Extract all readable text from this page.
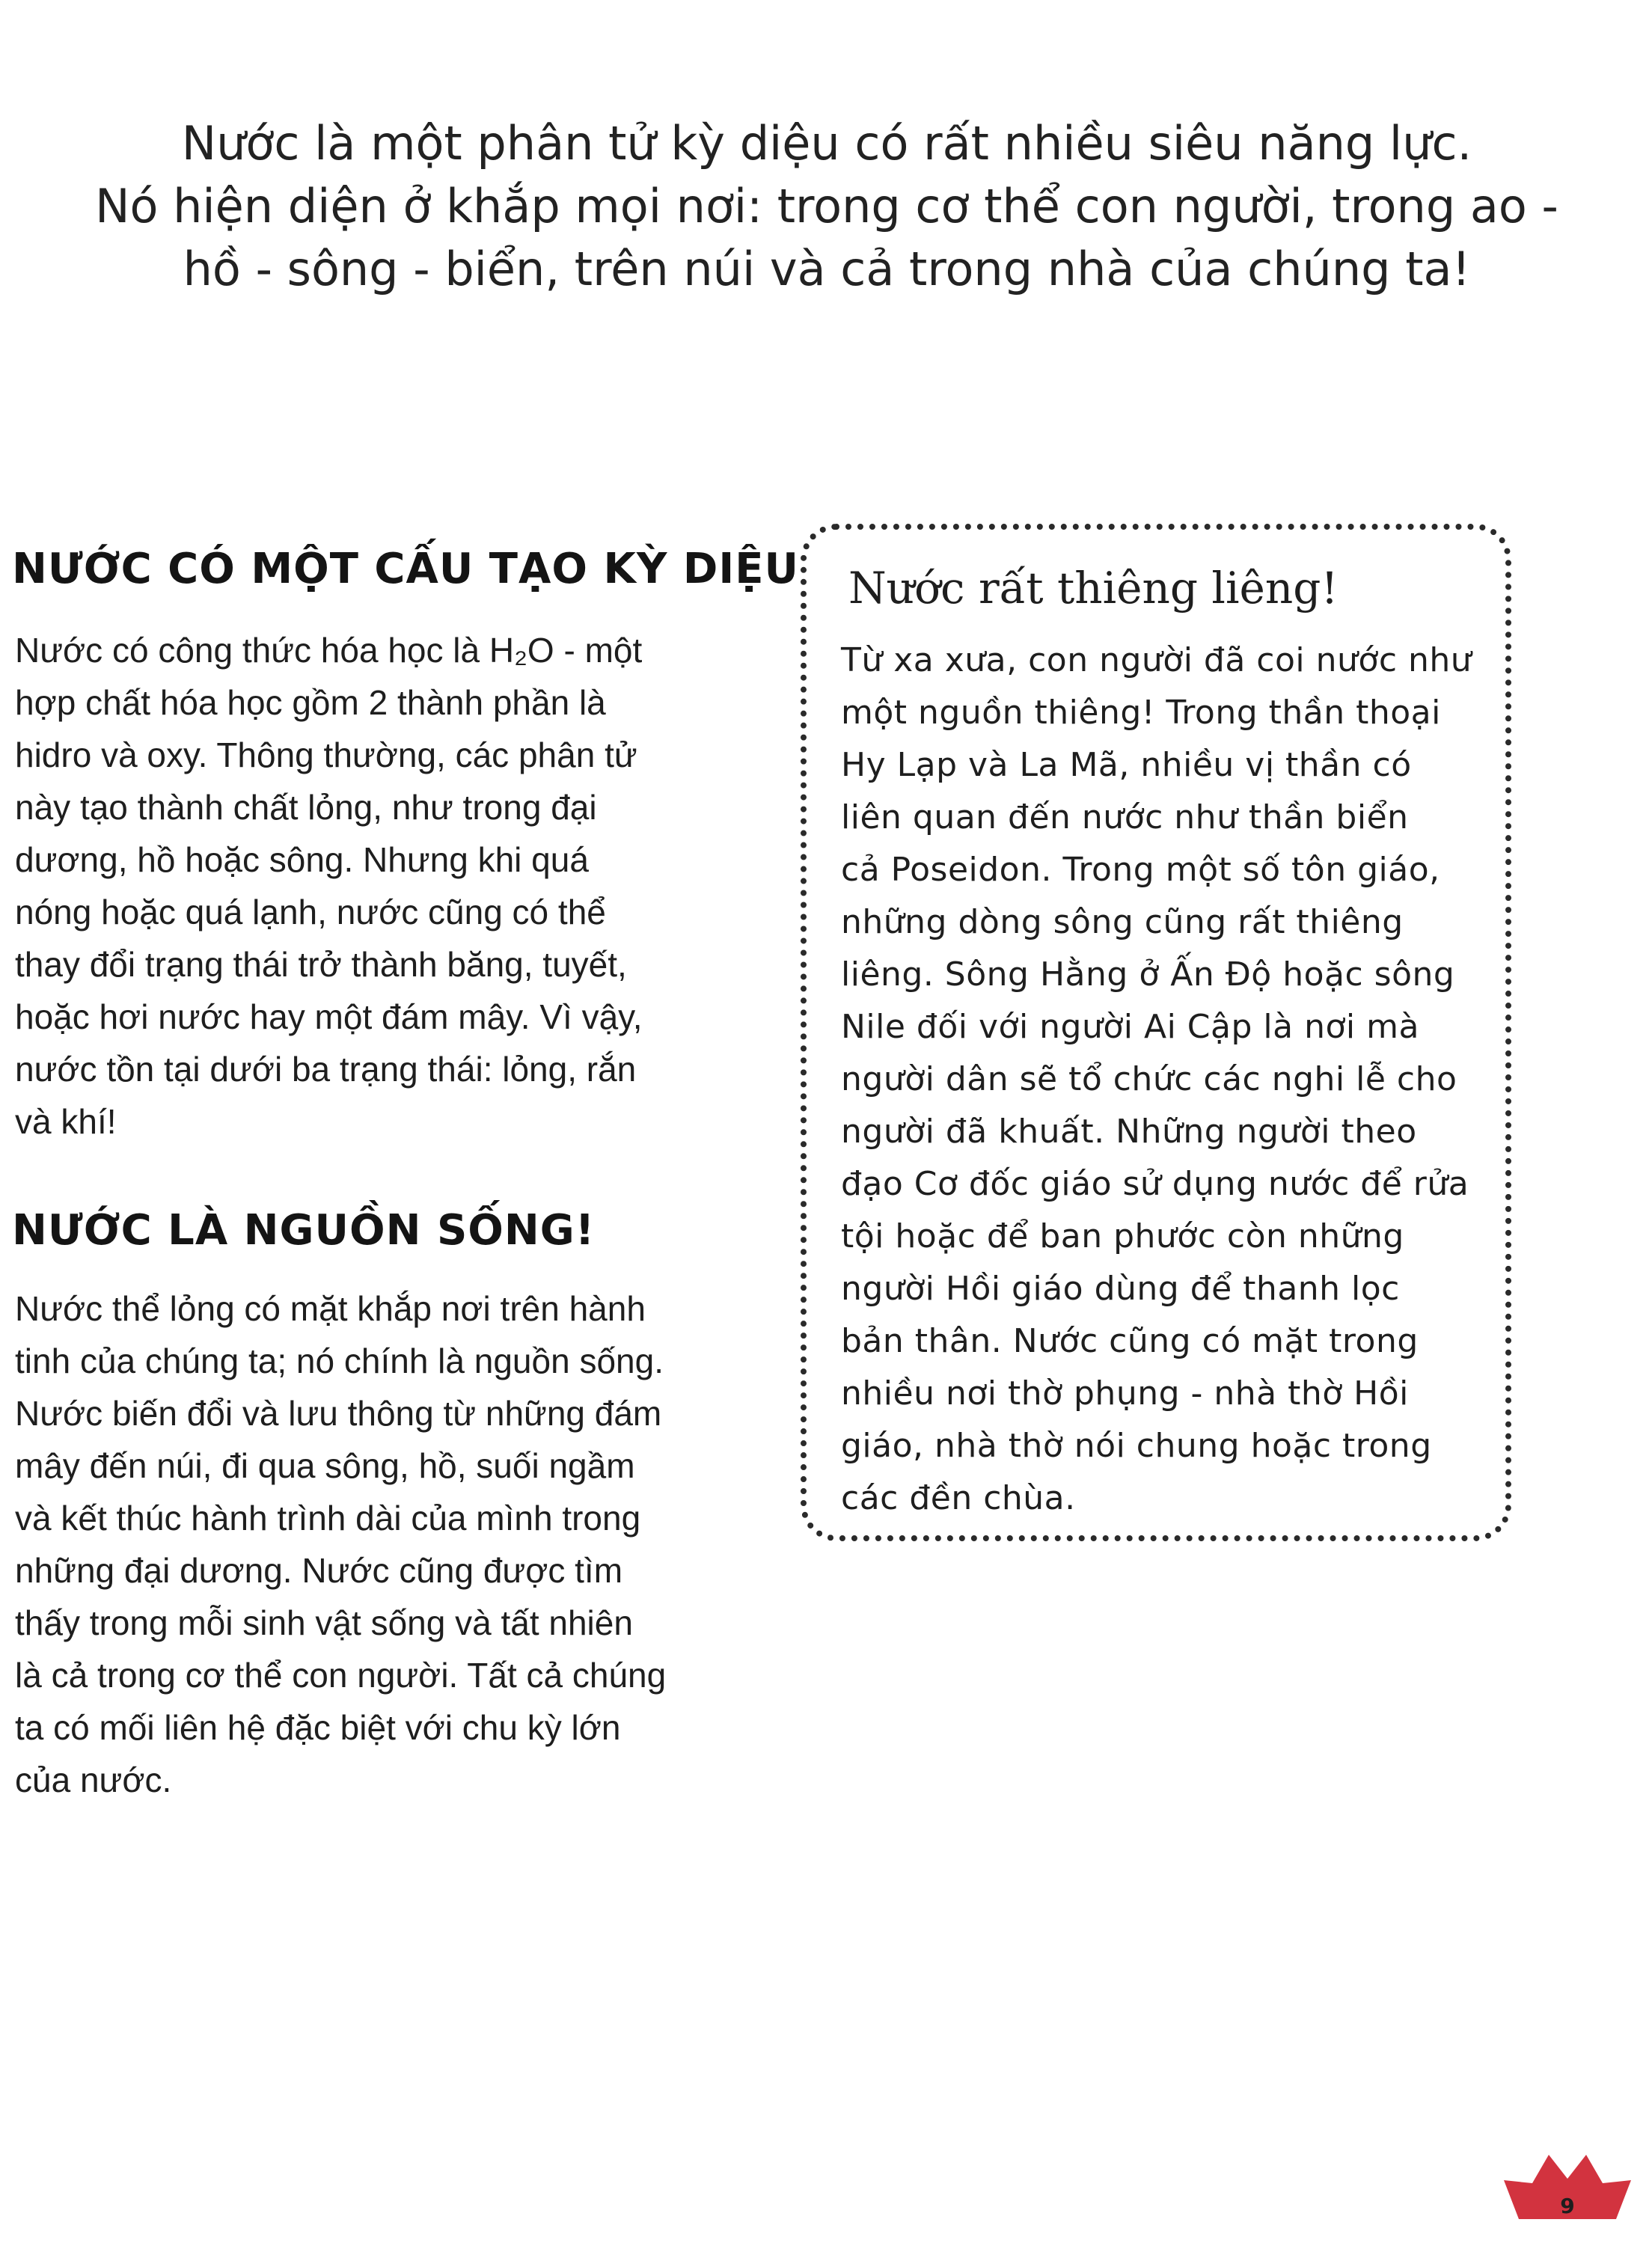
Nước là một phân tử kỳ diệu có rất nhiều siêu năng lực.
Nó hiện diện ở khắp mọi nơi: trong cơ thể con người, trong ao -
hồ - sông - biển, trên núi và cả trong nhà của chúng ta!
NƯỚC CÓ MỘT CẤU TẠO KỲ DIỆU
Nước có công thức hóa học là H₂O - một
hợp chất hóa học gồm 2 thành phần là
hidro và oxy. Thông thường, các phân tử
này tạo thành chất lỏng, như trong đại
dương, hồ hoặc sông. Nhưng khi quá
nóng hoặc quá lạnh, nước cũng có thể
thay đổi trạng thái trở thành băng, tuyết,
hoặc hơi nước hay một đám mây. Vì vậy,
nước tồn tại dưới ba trạng thái: lỏng, rắn
và khí!
NƯỚC LÀ NGUỒN SỐNG!
Nước thể lỏng có mặt khắp nơi trên hành
tinh của chúng ta; nó chính là nguồn sống.
Nước biến đổi và lưu thông từ những đám
mây đến núi, đi qua sông, hồ, suối ngầm
và kết thúc hành trình dài của mình trong
những đại dương. Nước cũng được tìm
thấy trong mỗi sinh vật sống và tất nhiên
là cả trong cơ thể con người. Tất cả chúng
ta có mối liên hệ đặc biệt với chu kỳ lớn
của nước.
Nước rất thiêng liêng!
Từ xa xưa, con người đã coi nước như
một nguồn thiêng! Trong thần thoại
Hy Lạp và La Mã, nhiều vị thần có
liên quan đến nước như thần biển
cả Poseidon. Trong một số tôn giáo,
những dòng sông cũng rất thiêng
liêng. Sông Hằng ở Ấn Độ hoặc sông
Nile đối với người Ai Cập là nơi mà
người dân sẽ tổ chức các nghi lễ cho
người đã khuất. Những người theo
đạo Cơ đốc giáo sử dụng nước để rửa
tội hoặc để ban phước còn những
người Hồi giáo dùng để thanh lọc
bản thân. Nước cũng có mặt trong
nhiều nơi thờ phụng - nhà thờ Hồi
giáo, nhà thờ nói chung hoặc trong
các đền chùa.
9
